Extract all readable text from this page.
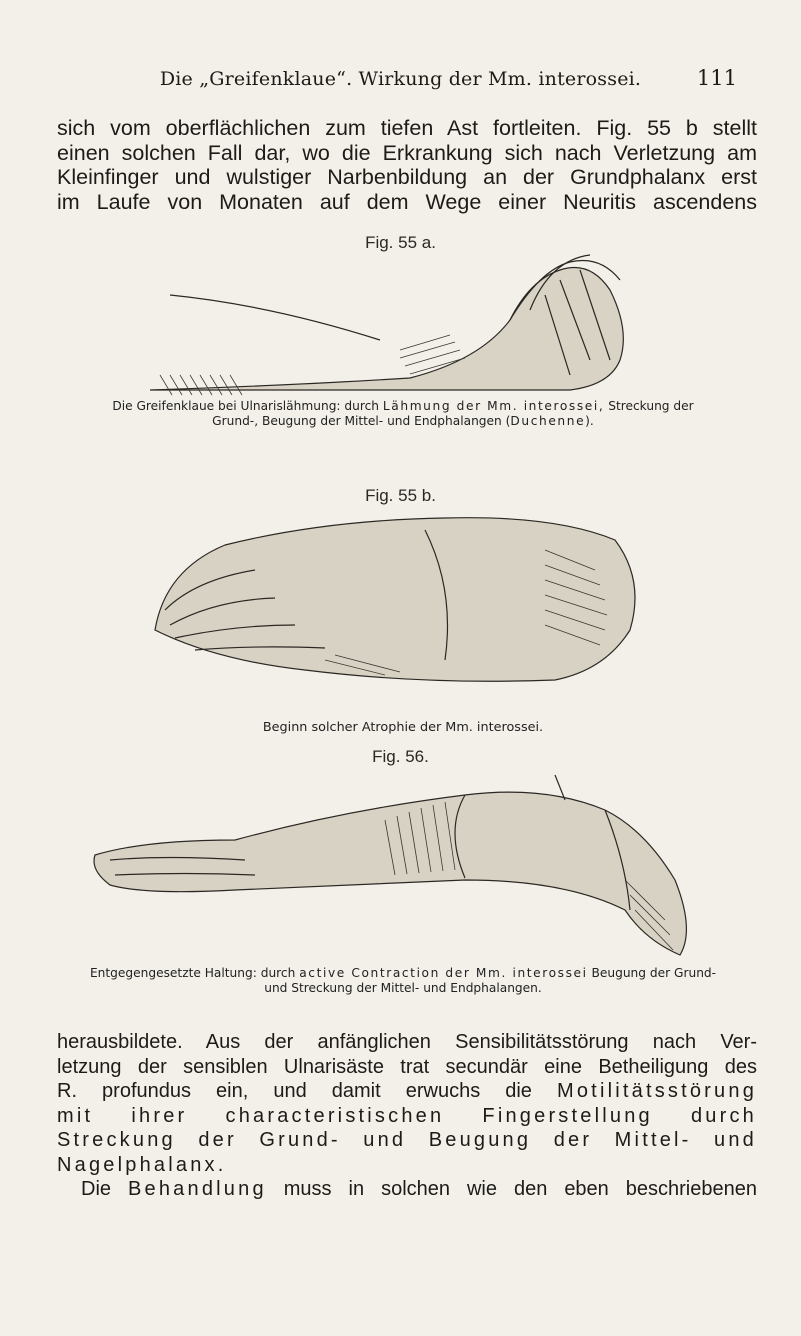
Die „Greifenklaue“. Wirkung der Mm. interossei.	111
sich vom oberflächlichen zum tiefen Ast fortleiten. Fig. 55 b stellt
einen solchen Fall dar, wo die Erkrankung sich nach Verletzung am
Kleinfinger und wulstiger Narbenbildung an der Grundphalanx erst
im Laufe von Monaten auf dem Wege einer Neuritis ascendens
Fig. 55 a.
Die Greifenklaue bei Ulnarislähmung: durch Lähmung der Mm. interossei, Streckung der
Grund-, Beugung der Mittel- und Endphalangen (Duchenne).
Fig. 55 b.
Beginn solcher Atrophie der Mm. interossei.
Fig. 56.
Entgegengesetzte Haltung: durch active Contraction der Mm. interossei Beugung der Grund-
und Streckung der Mittel- und Endphalangen.
herausbildete. Aus der anfänglichen Sensibilitätsstörung nach Ver-
letzung der sensiblen Ulnarisäste trat secundär eine Betheiligung des
R. profundus ein, und damit erwuchs die Motilitätsstörung
mit ihrer characteristischen Fingerstellung durch
Streckung der Grund- und Beugung der Mittel- und
Nagelphalanx.
Die Behandlung muss in solchen wie den eben beschriebenen
